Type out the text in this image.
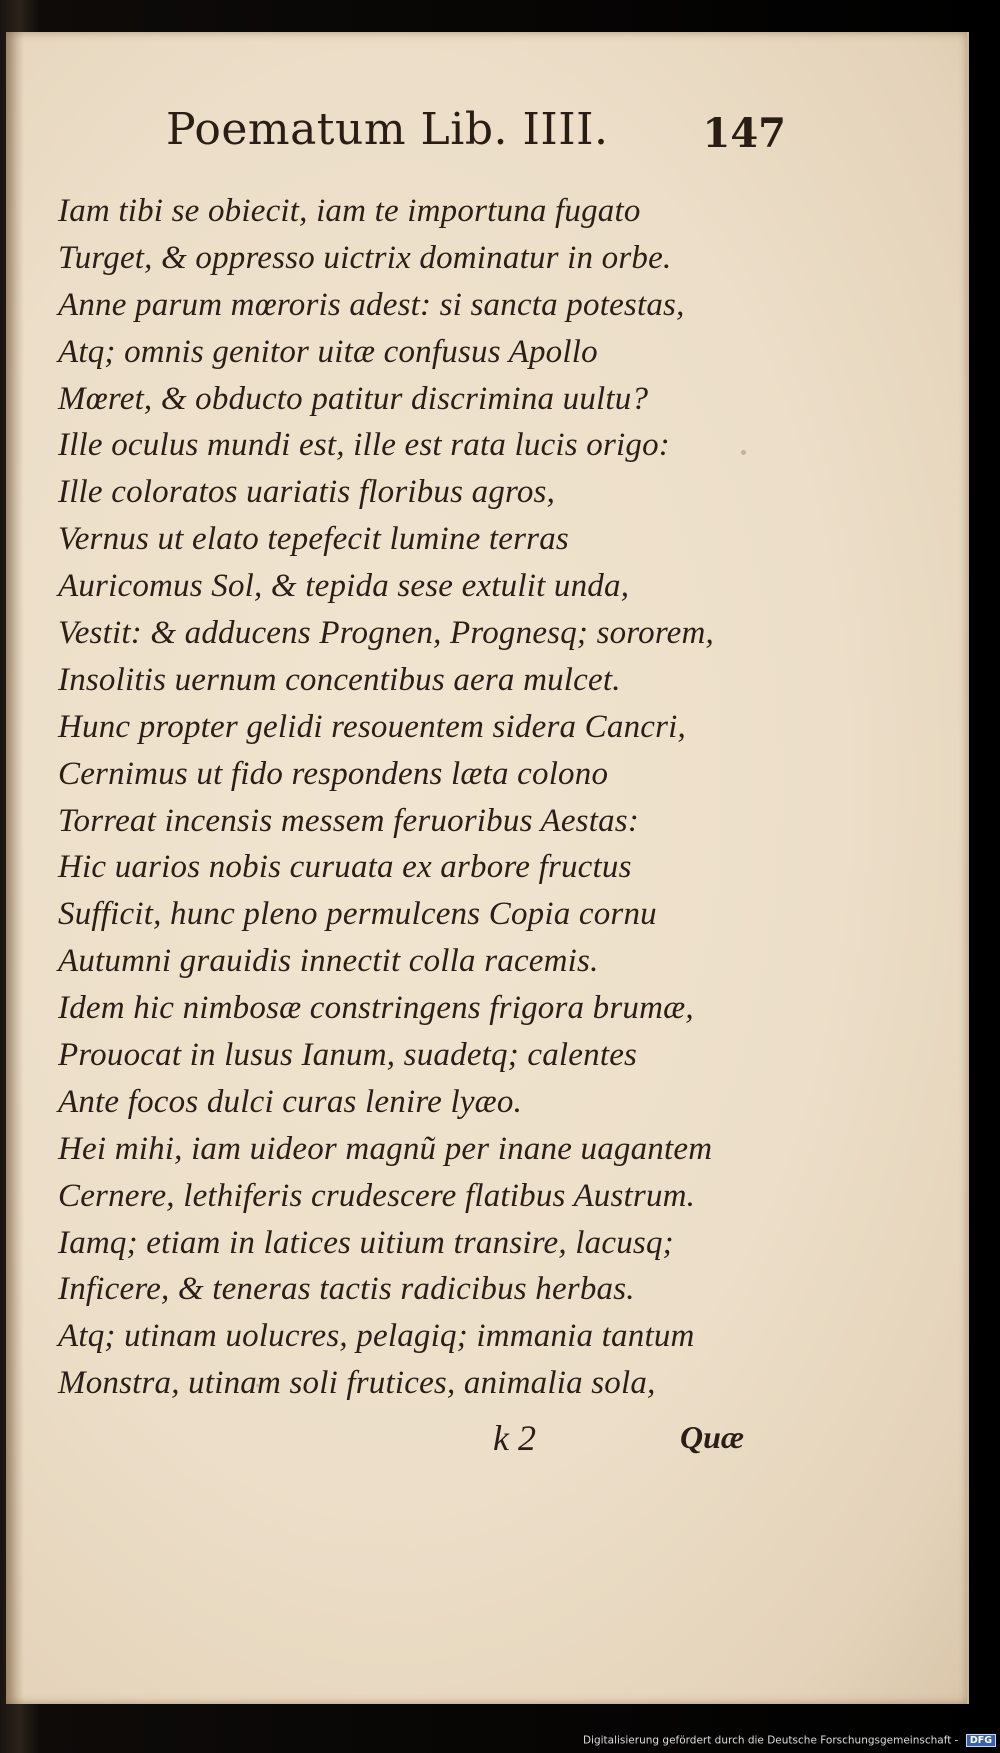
Poematum Lib. IIII. 147
Iam tibi se obiecit, iam te importuna fugato
Turget, & oppresso uictrix dominatur in orbe.
Anne parum mœroris adest: si sancta potestas,
Atq; omnis genitor uitæ confusus Apollo
Mœret, & obducto patitur discrimina uultu?
Ille oculus mundi est, ille est rata lucis origo:
Ille coloratos uariatis floribus agros,
Vernus ut elato tepefecit lumine terras
Auricomus Sol, & tepida sese extulit unda,
Vestit: & adducens Prognen, Prognesq; sororem,
Insolitis uernum concentibus aera mulcet.
Hunc propter gelidi resouentem sidera Cancri,
Cernimus ut fido respondens læta colono
Torreat incensis messem feruoribus Aestas:
Hic uarios nobis curuata ex arbore fructus
Sufficit, hunc pleno permulcens Copia cornu
Autumni grauidis innectit colla racemis.
Idem hic nimbosæ constringens frigora brumæ,
Prouocat in lusus Ianum, suadetq; calentes
Ante focos dulci curas lenire lyæo.
Hei mihi, iam uideor magnũ per inane uagantem
Cernere, lethiferis crudescere flatibus Austrum.
Iamq; etiam in latices uitium transire, lacusq;
Inficere, & teneras tactis radicibus herbas.
Atq; utinam uolucres, pelagiq; immania tantum
Monstra, utinam soli frutices, animalia sola,
k 2	Quæ
Digitalisierung gefördert durch die Deutsche Forschungsgemeinschaft - DFG
